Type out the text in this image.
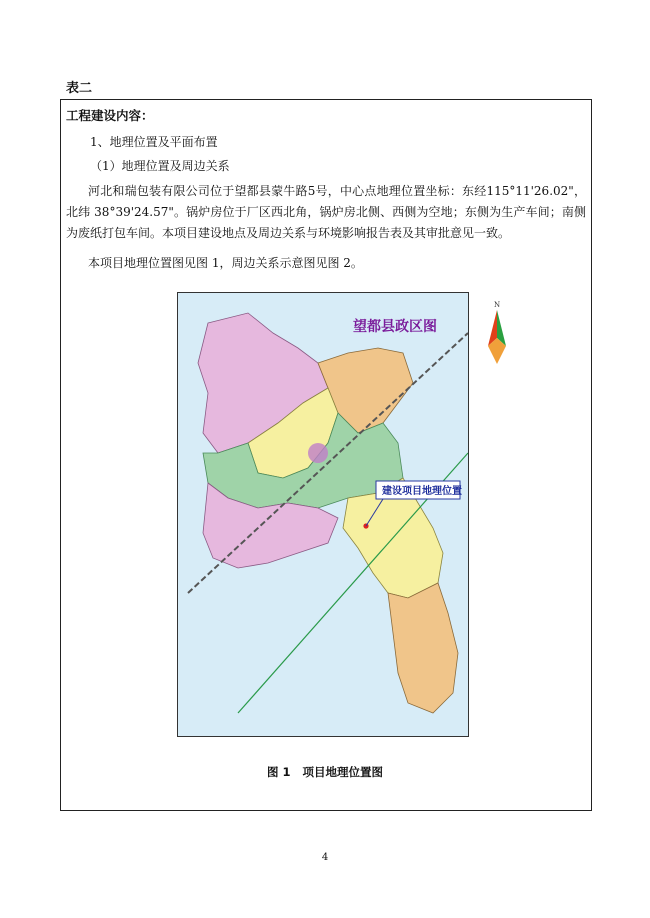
表二
工程建设内容：
1、地理位置及平面布置
（1）地理位置及周边关系
河北和瑞包装有限公司位于望都县蒙牛路5号，中心点地理位置坐标：东经115°11'26.02"，北纬 38°39'24.57"。锅炉房位于厂区西北角，锅炉房北侧、西侧为空地；东侧为生产车间；南侧为废纸打包车间。本项目建设地点及周边关系与环境影响报告表及其审批意见一致。
本项目地理位置图见图 1，周边关系示意图见图 2。
望都县政区图
建设项目地理位置
N
图 1 项目地理位置图
4
